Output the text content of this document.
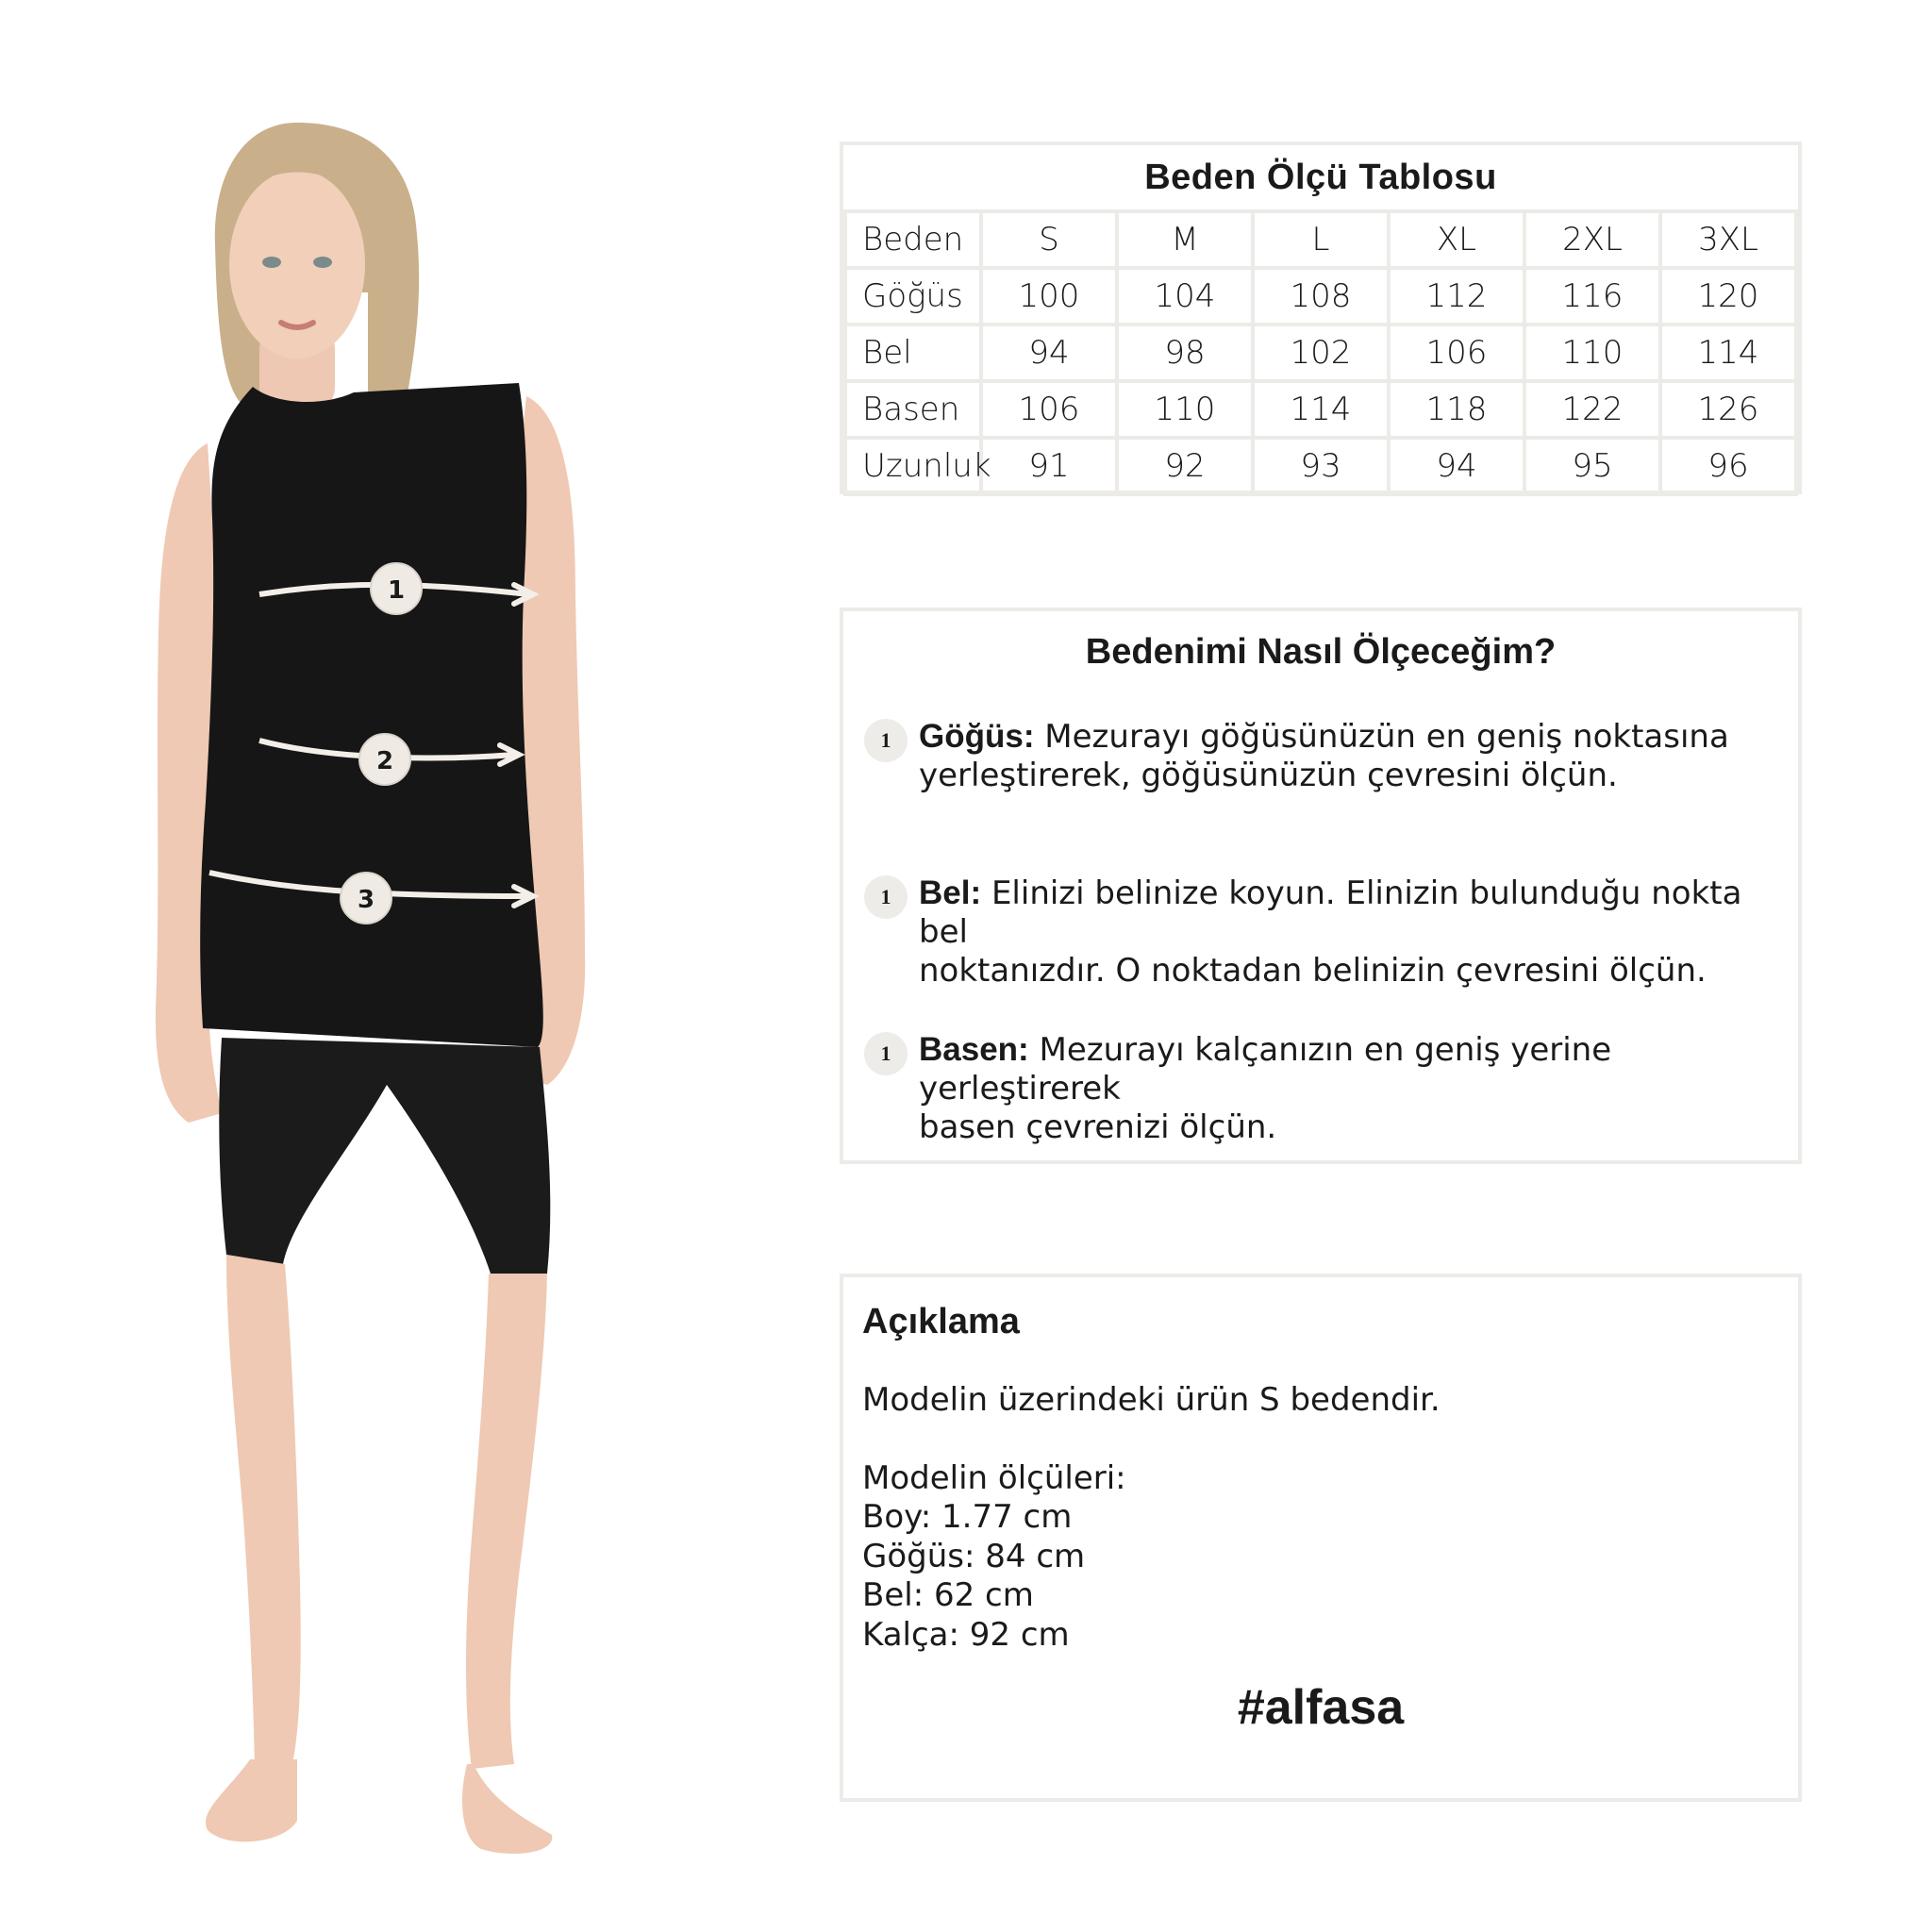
1
2
3
Beden Ölçü Tablosu						
Beden	S	M	L	XL	2XL	3XL
Göğüs	100	104	108	112	116	120
Bel	94	98	102	106	110	114
Basen	106	110	114	118	122	126
Uzunluk	91	92	93	94	95	96
Bedenimi Nasıl Ölçeceğim?
1 Göğüs: Mezurayı göğüsünüzün en geniş noktasına
yerleştirerek, göğüsünüzün çevresini ölçün.
1 Bel: Elinizi belinize koyun. Elinizin bulunduğu nokta bel
noktanızdır. O noktadan belinizin çevresini ölçün.
1 Basen: Mezurayı kalçanızın en geniş yerine yerleştirerek
basen çevrenizi ölçün.
Açıklama
Modelin üzerindeki ürün S bedendir.
Modelin ölçüleri:
Boy: 1.77 cm
Göğüs: 84 cm
Bel: 62 cm
Kalça: 92 cm
#alfasa
